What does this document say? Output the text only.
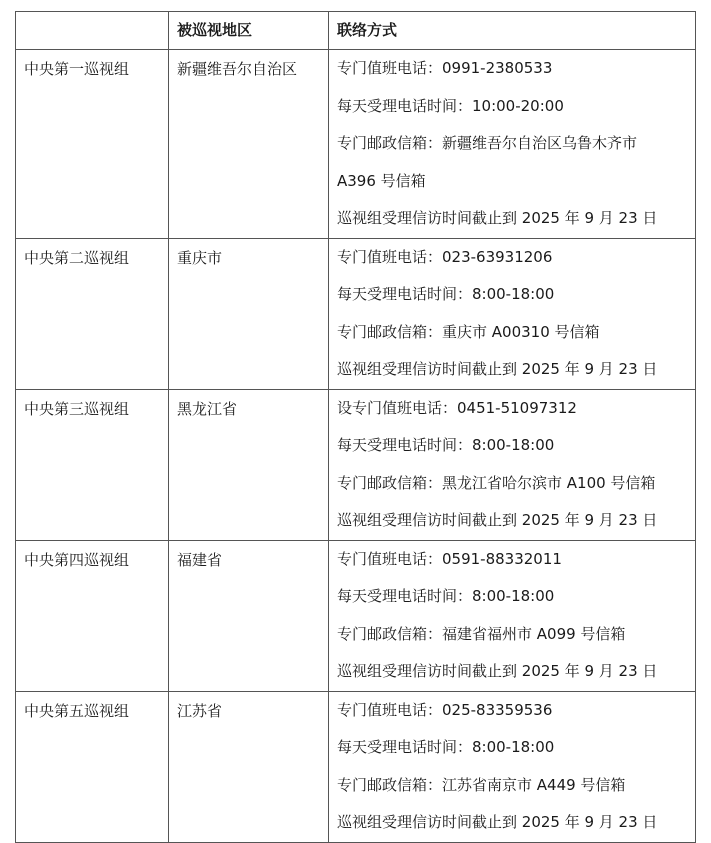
	被巡视地区	联络方式
中央第一巡视组	新疆维吾尔自治区	专门值班电话：0991-2380533
每天受理电话时间：10:00-20:00
专门邮政信箱：新疆维吾尔自治区乌鲁木齐市
A396 号信箱
巡视组受理信访时间截止到 2025 年 9 月 23 日

中央第二巡视组	重庆市	专门值班电话：023-63931206
每天受理电话时间：8:00-18:00
专门邮政信箱：重庆市 A00310 号信箱
巡视组受理信访时间截止到 2025 年 9 月 23 日

中央第三巡视组	黑龙江省	设专门值班电话：0451-51097312
每天受理电话时间：8:00-18:00
专门邮政信箱：黑龙江省哈尔滨市 A100 号信箱
巡视组受理信访时间截止到 2025 年 9 月 23 日

中央第四巡视组	福建省	专门值班电话：0591-88332011
每天受理电话时间：8:00-18:00
专门邮政信箱：福建省福州市 A099 号信箱
巡视组受理信访时间截止到 2025 年 9 月 23 日

中央第五巡视组	江苏省	专门值班电话：025-83359536
每天受理电话时间：8:00-18:00
专门邮政信箱：江苏省南京市 A449 号信箱
巡视组受理信访时间截止到 2025 年 9 月 23 日
